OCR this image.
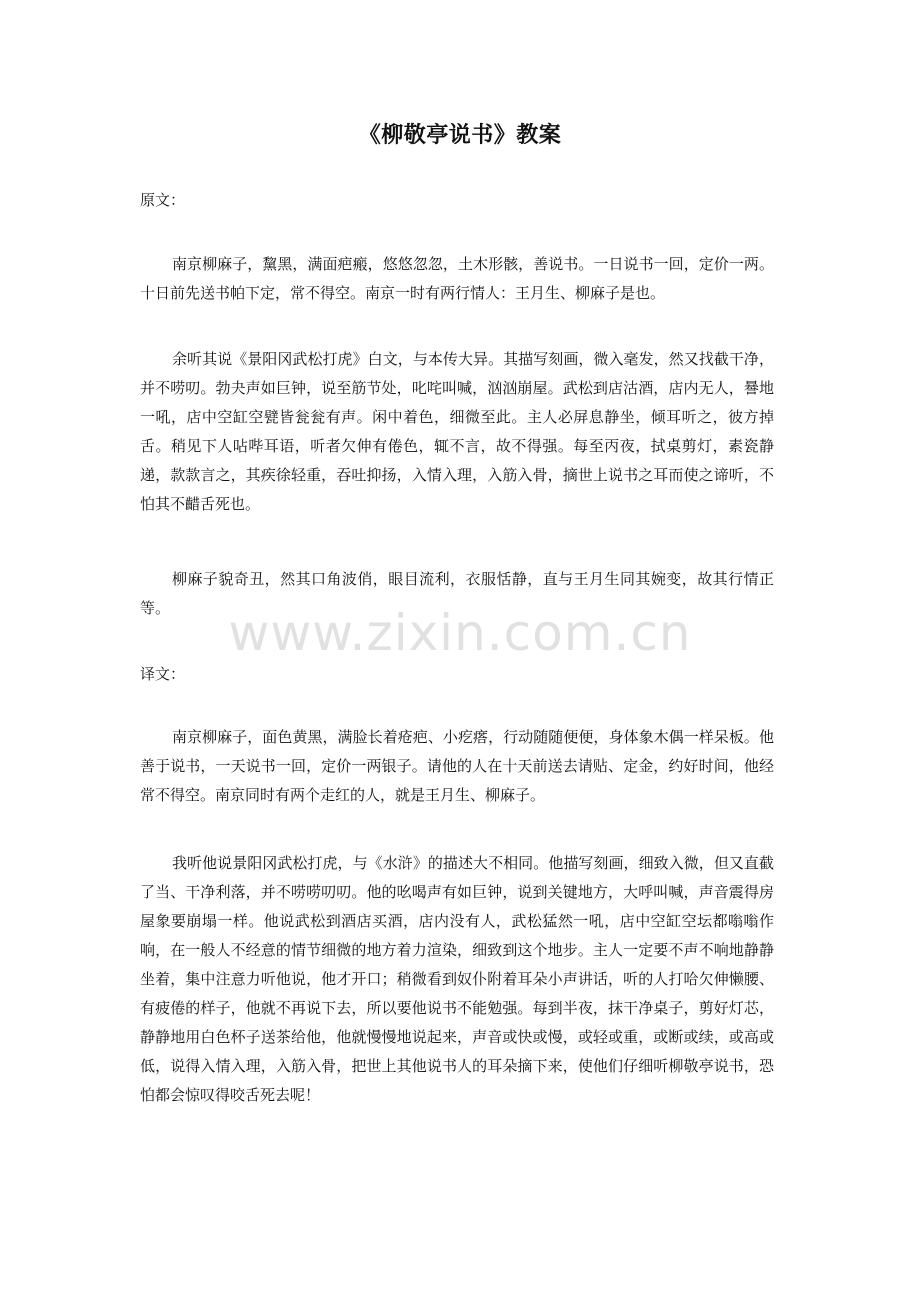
《柳敬亭说书》教案

原文：

南京柳麻子，黧黑，满面疤瘢，悠悠忽忽，土木形骸，善说书。一日说书一回，定价一两。十日前先送书帕下定，常不得空。南京一时有两行情人：王月生、柳麻子是也。

余听其说《景阳冈武松打虎》白文，与本传大异。其描写刻画，微入毫发，然又找截干净，并不唠叨。勃夬声如巨钟，说至筋节处，叱咤叫喊，汹汹崩屋。武松到店沽酒，店内无人，謈地一吼，店中空缸空甓皆瓮瓮有声。闲中着色，细微至此。主人必屏息静坐，倾耳听之，彼方掉舌。稍见下人呫哔耳语，听者欠伸有倦色，辄不言，故不得强。每至丙夜，拭桌剪灯，素瓷静递，款款言之，其疾徐轻重，吞吐抑扬，入情入理，入筋入骨，摘世上说书之耳而使之谛听，不怕其不齰舌死也。

柳麻子貌奇丑，然其口角波俏，眼目流利，衣服恬静，直与王月生同其婉变，故其行情正等。

译文：

南京柳麻子，面色黄黑，满脸长着疮疤、小疙瘩，行动随随便便，身体象木偶一样呆板。他善于说书，一天说书一回，定价一两银子。请他的人在十天前送去请贴、定金，约好时间，他经常不得空。南京同时有两个走红的人，就是王月生、柳麻子。

我听他说景阳冈武松打虎，与《水浒》的描述大不相同。他描写刻画，细致入微，但又直截了当、干净利落，并不唠唠叨叨。他的吆喝声有如巨钟，说到关键地方，大呼叫喊，声音震得房屋象要崩塌一样。他说武松到酒店买酒，店内没有人，武松猛然一吼，店中空缸空坛都嗡嗡作响，在一般人不经意的情节细微的地方着力渲染，细致到这个地步。主人一定要不声不响地静静坐着，集中注意力听他说，他才开口；稍微看到奴仆附着耳朵小声讲话，听的人打哈欠伸懒腰、有疲倦的样子，他就不再说下去，所以要他说书不能勉强。每到半夜，抹干净桌子，剪好灯芯，静静地用白色杯子送茶给他，他就慢慢地说起来，声音或快或慢，或轻或重，或断或续，或高或低，说得入情入理，入筋入骨，把世上其他说书人的耳朵摘下来，使他们仔细听柳敬亭说书，恐怕都会惊叹得咬舌死去呢！

www.zixin.com.cn
